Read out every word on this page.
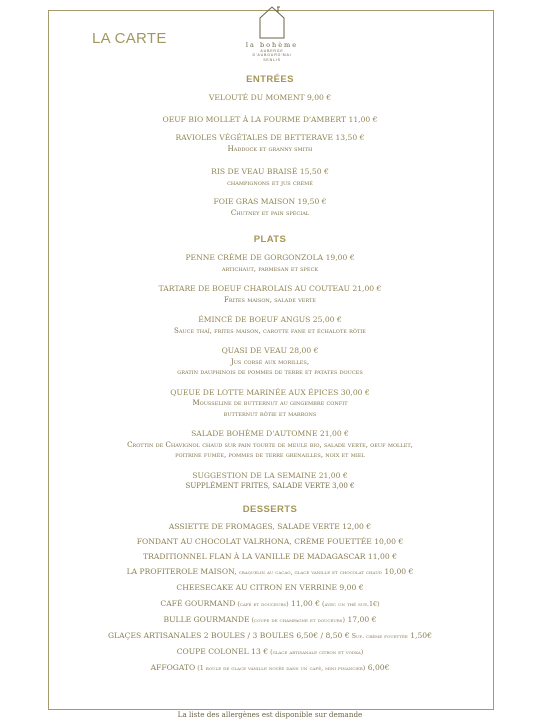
LA CARTE	la bohème
AUBERGE D'AUBOURG'MAI
SENLIS
ENTRÉES
VELOUTÉ DU MOMENT 9,00 €
OEUF BIO MOLLET À LA FOURME D'AMBERT 11,00 €
RAVIOLES VÉGÉTALES DE BETTERAVE 13,50 €
Haddock et granny smith
RIS DE VEAU BRAISÉ 15,50 €
champignons et jus crémé
FOIE GRAS MAISON 19,50 €
Chutney et pain spécial
PLATS
PENNE CRÈME DE GORGONZOLA 19,00 €
artichaut, parmesan et speck
TARTARE DE BOEUF CHAROLAIS AU COUTEAU 21,00 €
Frites maison, salade verte
ÉMINCÉ DE BOEUF ANGUS 25,00 €
Sauce thaï, frites maison, carotte fane et échalote rôtie
QUASI DE VEAU 28,00 €
Jus corsé aux morilles,
gratin dauphinois de pommes de terre et patates douces
QUEUE DE LOTTE MARINÉE AUX ÉPICES 30,00 €
Mousseline de butternut au gingembre confit
butternut rôtie et marrons
SALADE BOHÈME D'AUTOMNE 21,00 €
Crottin de Chavignol chaud sur pain tourte de meule bio, salade verte, oeuf mollet,
poitrine fumée, pommes de terre grenailles, noix et miel
SUGGESTION DE LA SEMAINE 21,00 €
SUPPLÉMENT FRITES, SALADE VERTE 3,00 €
DESSERTS
ASSIETTE DE FROMAGES, SALADE VERTE 12,00 €
FONDANT AU CHOCOLAT VALRHONA, CRÈME FOUETTÉE 10,00 €
TRADITIONNEL FLAN À LA VANILLE DE MADAGASCAR 11,00 €
LA PROFITEROLE MAISON, craquelin au cacao, glace vanille et chocolat chaud 10,00 €
CHEESECAKE AU CITRON EN VERRINE 9,00 €
CAFÉ GOURMAND (café et douceurs) 11,00 € (avec un thé sup.1€)
BULLE GOURMANDE (coupe de champagne et douceurs) 17,00 €
GLAÇES ARTISANALES 2 BOULES / 3 BOULES 6,50€ / 8,50 € Sup. crème fouettée 1,50€
COUPE COLONEL 13 € (glace artisanale citron et vodka)
AFFOGATO (1 boule de glace vanille noyée dans un café, mini financier) 6,00€
La liste des allergènes est disponible sur demande
